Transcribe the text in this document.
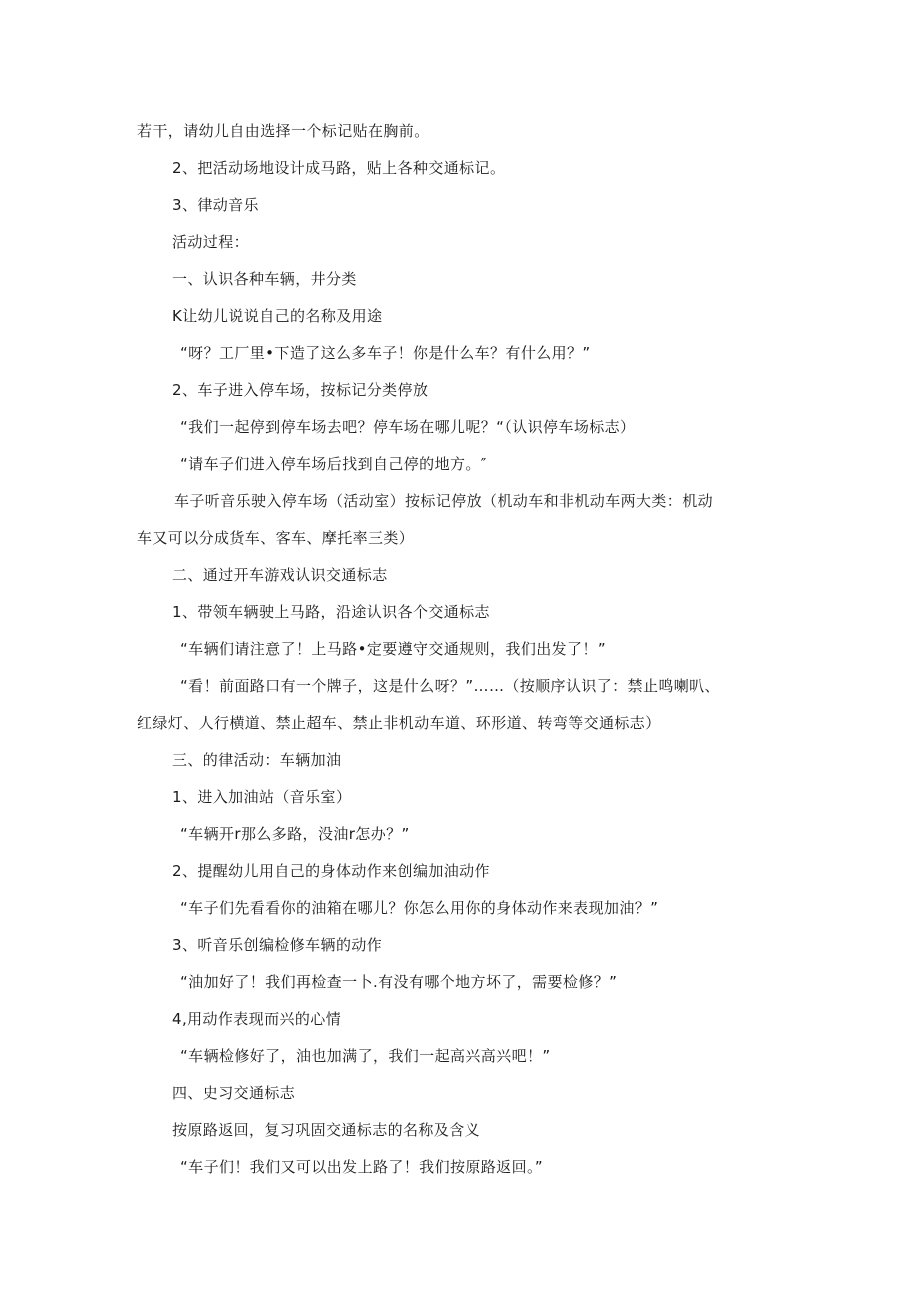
若干，请幼儿自由选择一个标记贴在胸前。
2、把活动场地设计成马路，贴上各种交通标记。
3、律动音乐
活动过程：
一、认识各种车辆，井分类
K让幼儿说说自己的名称及用途
“呀？工厂里•下造了这么多车子！你是什么车？有什么用？”
2、车子进入停车场，按标记分类停放
“我们一起停到停车场去吧？停车场在哪儿呢？“（认识停车场标志）
“请车子们进入停车场后找到自己停的地方。″
车子听音乐驶入停车场（活动室）按标记停放（机动车和非机动车两大类：机动
车又可以分成货车、客车、摩托率三类）
二、通过开车游戏认识交通标志
1、带领车辆驶上马路，沿途认识各个交通标志
“车辆们请注意了！上马路•定要遵守交通规则，我们出发了！”
“看！前面路口有一个牌子，这是什么呀？”……（按顺序认识了：禁止鸣喇叭、
红绿灯、人行横道、禁止超车、禁止非机动车道、环形道、转弯等交通标志）
三、的律活动：车辆加油
1、进入加油站（音乐室）
“车辆开r那么多路，没油r怎办？”
2、提醒幼儿用自己的身体动作来创编加油动作
“车子们先看看你的油箱在哪儿？你怎么用你的身体动作来表现加油？”
3、听音乐创编检修车辆的动作
“油加好了！我们再检查一卜.有没有哪个地方坏了，需要检修？”
4,用动作表现而兴的心情
“车辆检修好了，油也加满了，我们一起高兴高兴吧！”
四、史习交通标志
按原路返回，复习巩固交通标志的名称及含义
“车子们！我们又可以出发上路了！我们按原路返回。”
